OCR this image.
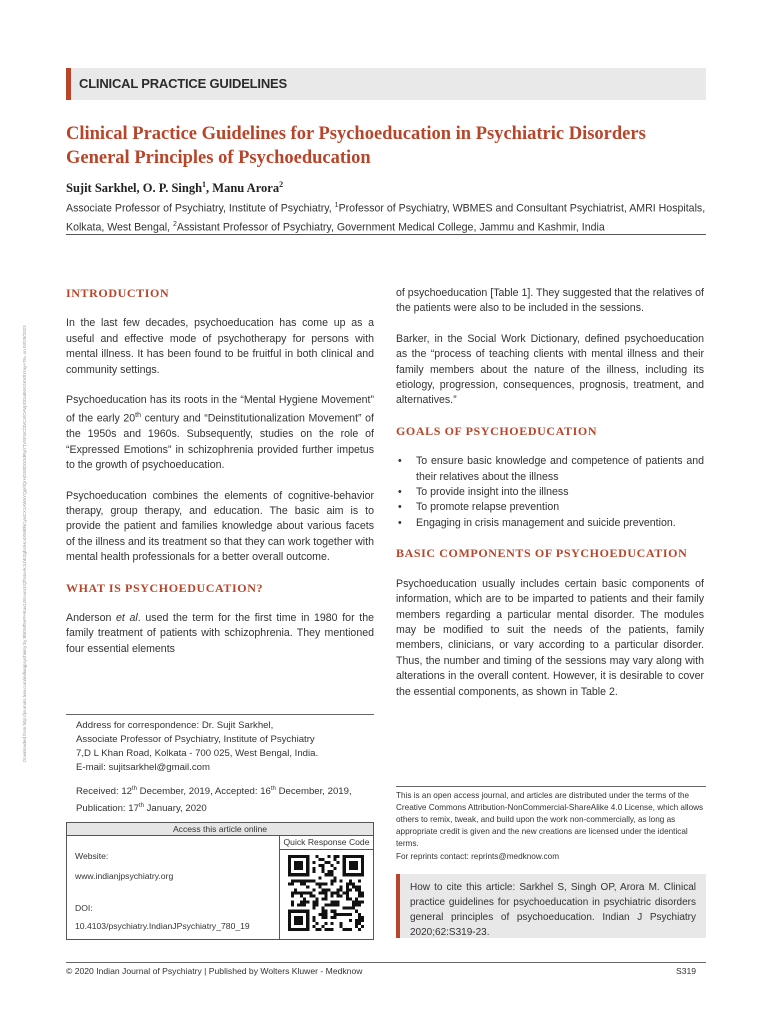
CLINICAL PRACTICE GUIDELINES
Clinical Practice Guidelines for Psychoeducation in Psychiatric Disorders
General Principles of Psychoeducation
Sujit Sarkhel, O. P. Singh$^1$, Manu Arora$^2$
Associate Professor of Psychiatry, Institute of Psychiatry, $^1$Professor of Psychiatry, WBMES and Consultant Psychiatrist, AMRI Hospitals, Kolkata, West Bengal, $^2$Assistant Professor of Psychiatry, Government Medical College, Jammu and Kashmir, India
Downloaded from http://journals.lww.com/indianjpsychiatry by BhDMf5ePHKav1zEoum1tQfN4a+kJLhEZgbsIHo4XMi0hCywCX1AWnYQp/IlQrHD3i3D0OdRyi7TvSFl4Cf3VC4/OAVpDDa8KKGKV0Ymy+78= on 03/28/2023
INTRODUCTION

In the last few decades, psychoeducation has come up as a useful and effective mode of psychotherapy for persons with mental illness. It has been found to be fruitful in both clinical and community settings.

Psychoeducation has its roots in the “Mental Hygiene Movement” of the early 20th century and “Deinstitutionalization Movement” of the 1950s and 1960s. Subsequently, studies on the role of “Expressed Emotions” in schizophrenia provided further impetus to the growth of psychoeducation.

Psychoeducation combines the elements of cognitive-behavior therapy, group therapy, and education. The basic aim is to provide the patient and families knowledge about various facets of the illness and its treatment so that they can work together with mental health professionals for a better overall outcome.

WHAT IS PSYCHOEDUCATION?

Anderson et al. used the term for the first time in 1980 for the family treatment of patients with schizophrenia. They mentioned four essential elements

of psychoeducation [Table 1]. They suggested that the relatives of the patients were also to be included in the sessions.

Barker, in the Social Work Dictionary, defined psychoeducation as the “process of teaching clients with mental illness and their family members about the nature of the illness, including its etiology, progression, consequences, prognosis, treatment, and alternatives.”

GOALS OF PSYCHOEDUCATION
• To ensure basic knowledge and competence of patients and their relatives about the illness
• To provide insight into the illness
• To promote relapse prevention
• Engaging in crisis management and suicide prevention.
BASIC COMPONENTS OF PSYCHOEDUCATION

Psychoeducation usually includes certain basic components of information, which are to be imparted to patients and their family members regarding a particular mental disorder. The modules may be modified to suit the needs of the patients, family members, clinicians, or vary according to a particular disorder. Thus, the number and timing of the sessions may vary along with alterations in the overall content. However, it is desirable to cover the essential components, as shown in Table 2.

Address for correspondence: Dr. Sujit Sarkhel,
Associate Professor of Psychiatry, Institute of Psychiatry
7,D L Khan Road, Kolkata - 700 025, West Bengal, India.
E-mail: sujitsarkhel@gmail.com
Received: 12th December, 2019, Accepted: 16th December, 2019,
Publication: 17th January, 2020
Access this article online
Website:
www.indianjpsychiatry.org
DOI:
10.4103/psychiatry.IndianJPsychiatry_780_19
Quick Response Code
This is an open access journal, and articles are distributed under the terms of the Creative Commons Attribution-NonCommercial-ShareAlike 4.0 License, which allows others to remix, tweak, and build upon the work non-commercially, as long as appropriate credit is given and the new creations are licensed under the identical terms.
For reprints contact: reprints@medknow.com
How to cite this article: Sarkhel S, Singh OP, Arora M. Clinical practice guidelines for psychoeducation in psychiatric disorders general principles of psychoeducation. Indian J Psychiatry 2020;62:S319-23.
© 2020 Indian Journal of Psychiatry | Published by Wolters Kluwer - Medknow	S319
